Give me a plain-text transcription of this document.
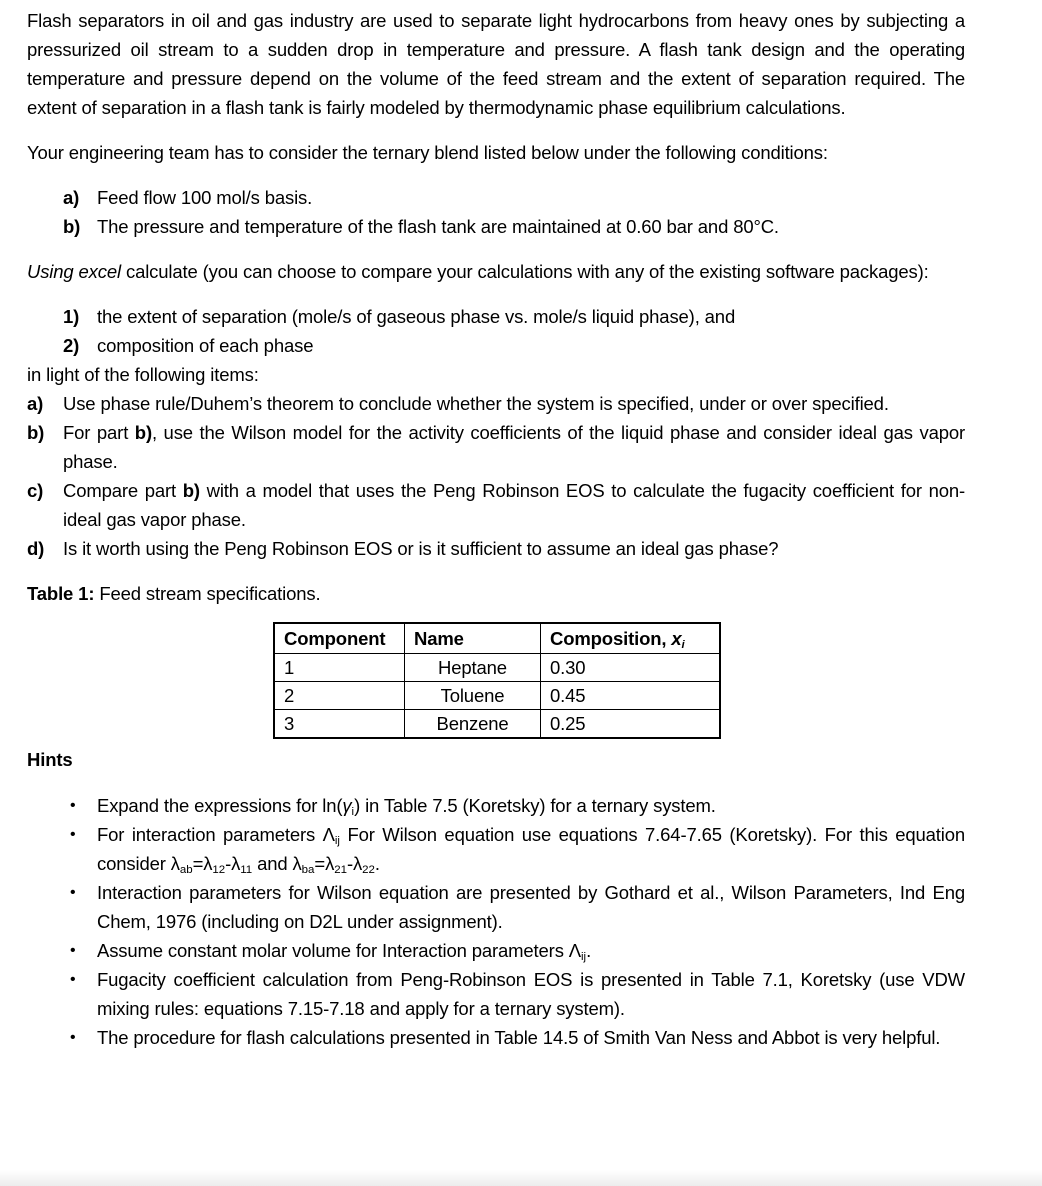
Flash separators in oil and gas industry are used to separate light hydrocarbons from heavy ones by subjecting a pressurized oil stream to a sudden drop in temperature and pressure. A flash tank design and the operating temperature and pressure depend on the volume of the feed stream and the extent of separation required. The extent of separation in a flash tank is fairly modeled by thermodynamic phase equilibrium calculations.

Your engineering team has to consider the ternary blend listed below under the following conditions:

a) Feed flow 100 mol/s basis.
b) The pressure and temperature of the flash tank are maintained at 0.60 bar and 80°C.

Using excel calculate (you can choose to compare your calculations with any of the existing software packages):

1) the extent of separation (mole/s of gaseous phase vs. mole/s liquid phase), and
2) composition of each phase

in light of the following items:

a) Use phase rule/Duhem’s theorem to conclude whether the system is specified, under or over specified.
b) For part b), use the Wilson model for the activity coefficients of the liquid phase and consider ideal gas vapor phase.
c) Compare part b) with a model that uses the Peng Robinson EOS to calculate the fugacity coefficient for non-ideal gas vapor phase.
d) Is it worth using the Peng Robinson EOS or is it sufficient to assume an ideal gas phase?

Table 1: Feed stream specifications.

Component	Name	Composition, $x_i$
1	Heptane	0.30
2	Toluene	0.45
3	Benzene	0.25

Hints

• Expand the expressions for $\ln(\gamma_i)$ in Table 7.5 (Koretsky) for a ternary system.
• For interaction parameters $\Lambda_{ij}$ For Wilson equation use equations 7.64-7.65 (Koretsky). For this equation consider $\lambda_{ab}=\lambda_{12}-\lambda_{11}$ and $\lambda_{ba}=\lambda_{21}-\lambda_{22}$.
• Interaction parameters for Wilson equation are presented by Gothard et al., Wilson Parameters, Ind Eng Chem, 1976 (including on D2L under assignment).
• Assume constant molar volume for Interaction parameters $\Lambda_{ij}$.
• Fugacity coefficient calculation from Peng-Robinson EOS is presented in Table 7.1, Koretsky (use VDW mixing rules: equations 7.15-7.18 and apply for a ternary system).
• The procedure for flash calculations presented in Table 14.5 of Smith Van Ness and Abbot is very helpful.
